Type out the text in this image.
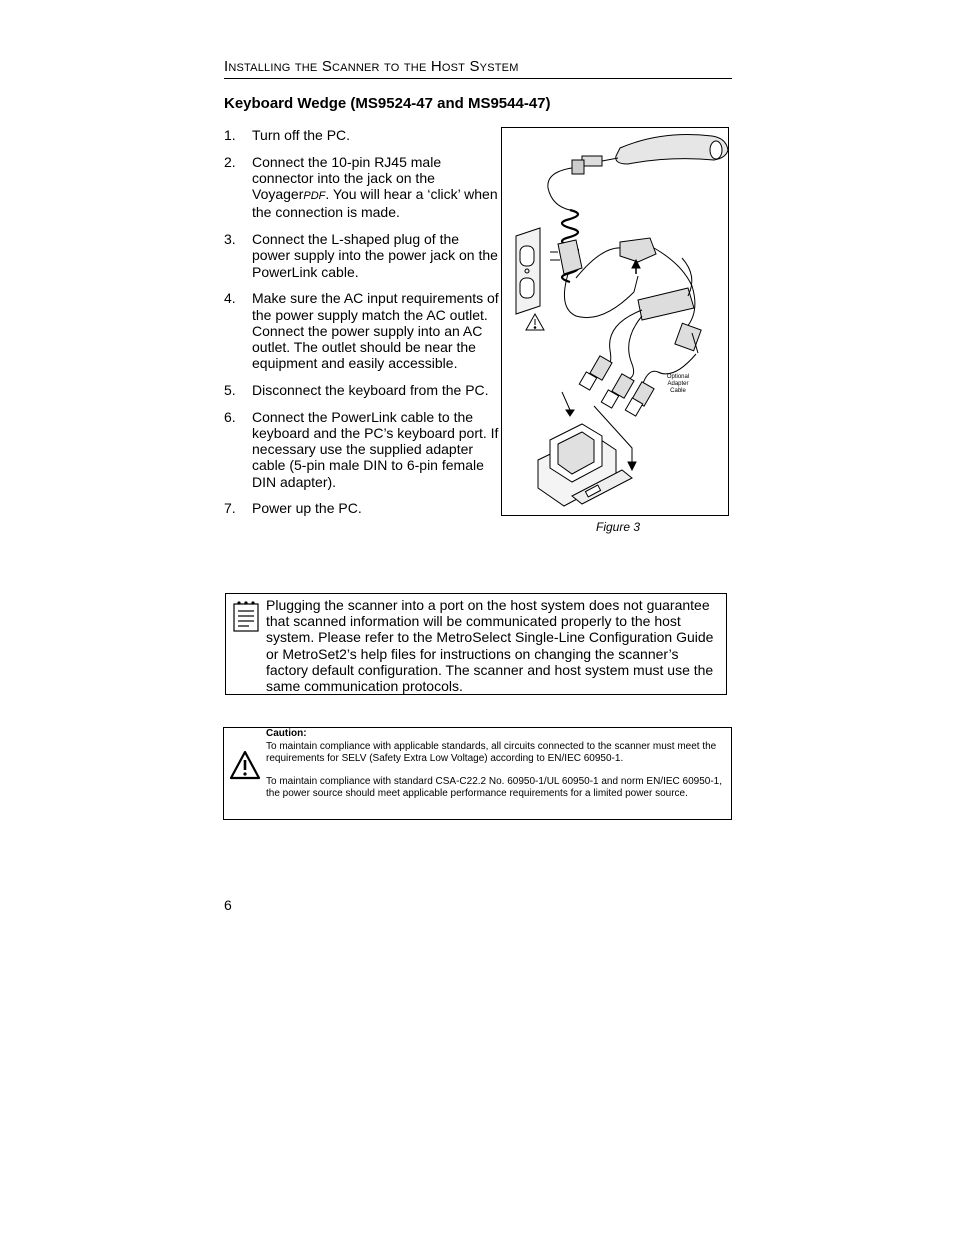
Installing the Scanner to the Host System
Keyboard Wedge (MS9524-47 and MS9544-47)
1. Turn off the PC.
2. Connect the 10-pin RJ45 male connector into the jack on the VoyagerPDF. You will hear a ‘click’ when the connection is made.
3. Connect the L-shaped plug of the power supply into the power jack on the PowerLink cable.
4. Make sure the AC input requirements of the power supply match the AC outlet. Connect the power supply into an AC outlet. The outlet should be near the equipment and easily accessible.
5. Disconnect the keyboard from the PC.
6. Connect the PowerLink cable to the keyboard and the PC’s keyboard port. If necessary use the supplied adapter cable (5-pin male DIN to 6-pin female DIN adapter).
7. Power up the PC.
Optional
Adapter
Cable
Figure 3
Plugging the scanner into a port on the host system does not guarantee that scanned information will be communicated properly to the host system. Please refer to the MetroSelect Single-Line Configuration Guide or MetroSet2’s help files for instructions on changing the scanner’s factory default configuration. The scanner and host system must use the same communication protocols.
Caution:

To maintain compliance with applicable standards, all circuits connected to the scanner must meet the requirements for SELV (Safety Extra Low Voltage) according to EN/IEC 60950-1.

To maintain compliance with standard CSA-C22.2 No. 60950-1/UL 60950-1 and norm EN/IEC 60950-1, the power source should meet applicable performance requirements for a limited power source.

6
